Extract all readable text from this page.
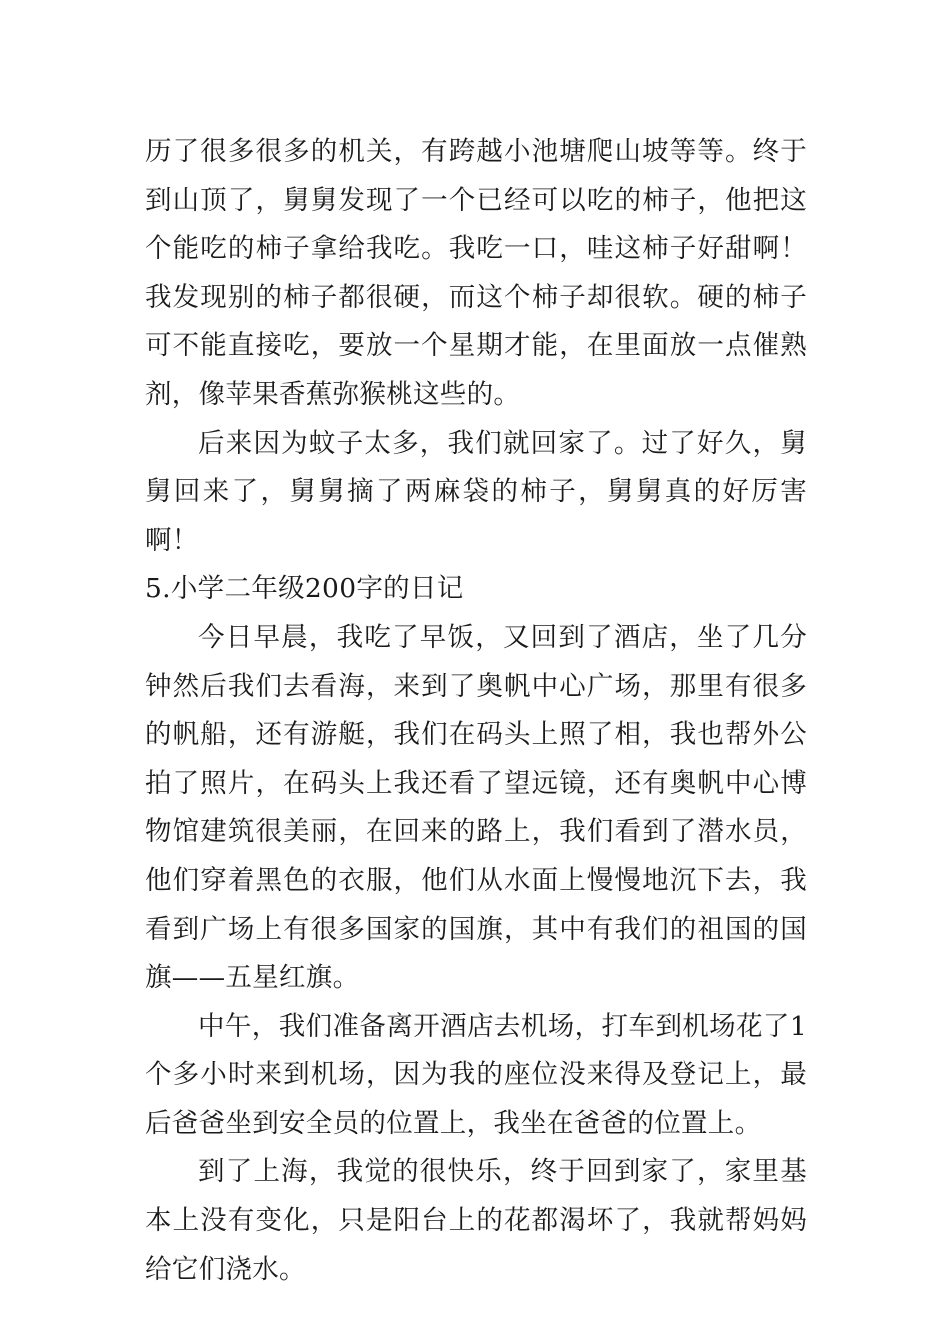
历了很多很多的机关，有跨越小池塘爬山坡等等。终于到山顶了，舅舅发现了一个已经可以吃的柿子，他把这个能吃的柿子拿给我吃。我吃一口，哇这柿子好甜啊！我发现别的柿子都很硬，而这个柿子却很软。硬的柿子可不能直接吃，要放一个星期才能，在里面放一点催熟剂，像苹果香蕉弥猴桃这些的。

后来因为蚊子太多，我们就回家了。过了好久，舅舅回来了，舅舅摘了两麻袋的柿子，舅舅真的好厉害啊！

5.小学二年级200字的日记

今日早晨，我吃了早饭，又回到了酒店，坐了几分钟然后我们去看海，来到了奥帆中心广场，那里有很多的帆船，还有游艇，我们在码头上照了相，我也帮外公拍了照片，在码头上我还看了望远镜，还有奥帆中心博物馆建筑很美丽，在回来的路上，我们看到了潜水员，他们穿着黑色的衣服，他们从水面上慢慢地沉下去，我看到广场上有很多国家的国旗，其中有我们的祖国的国旗——五星红旗。

中午，我们准备离开酒店去机场，打车到机场花了1个多小时来到机场，因为我的座位没来得及登记上，最后爸爸坐到安全员的位置上，我坐在爸爸的位置上。

到了上海，我觉的很快乐，终于回到家了，家里基本上没有变化，只是阳台上的花都渴坏了，我就帮妈妈给它们浇水。
